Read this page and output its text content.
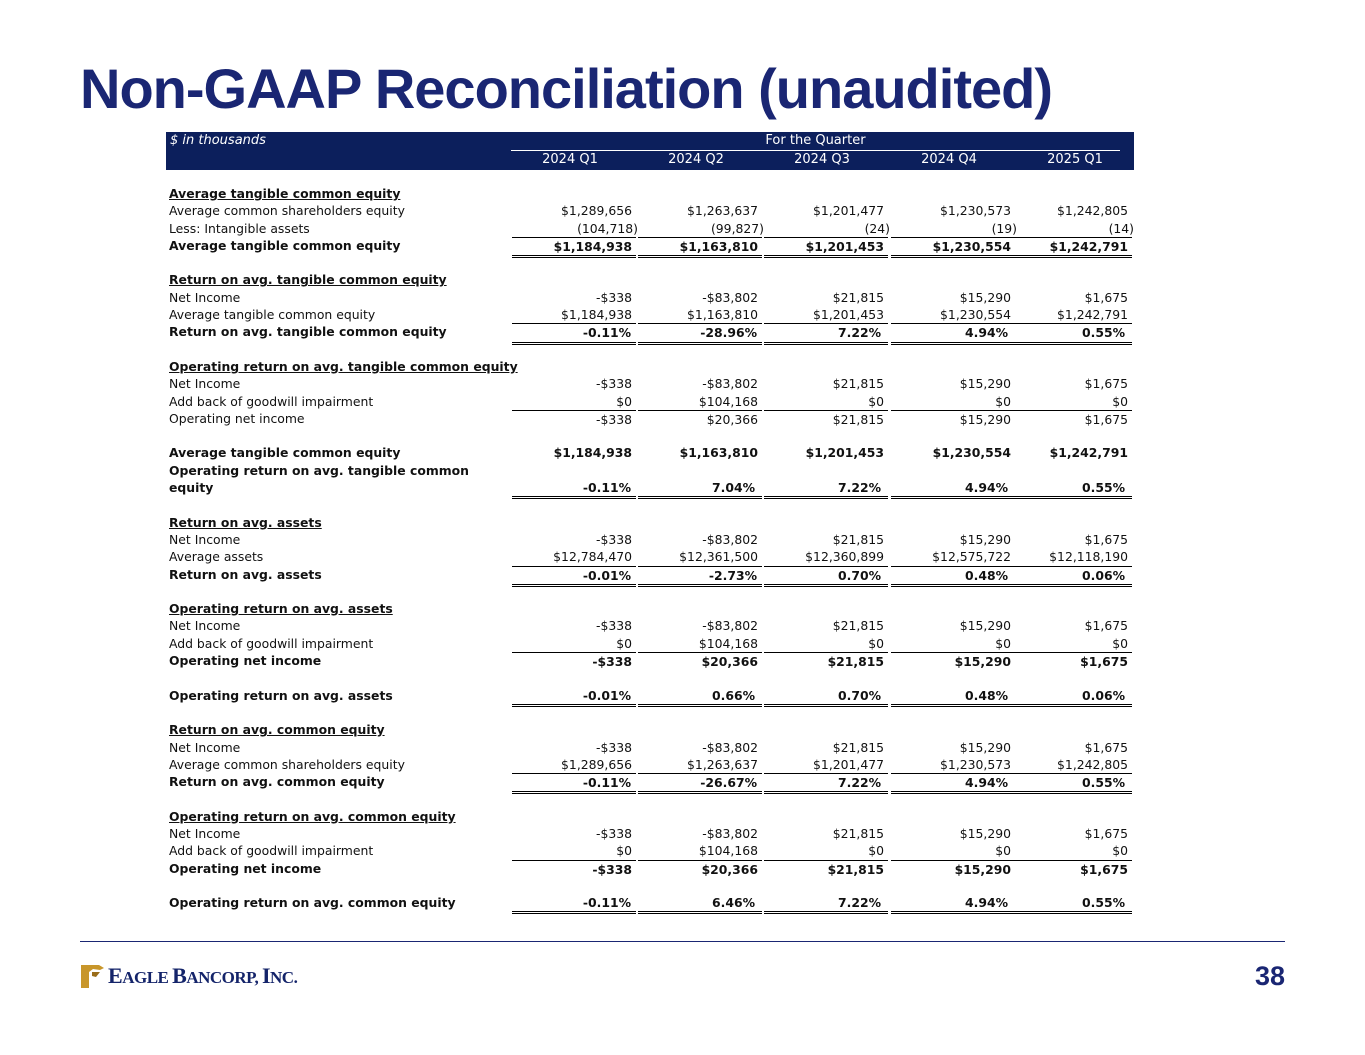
Non-GAAP Reconciliation (unaudited)
$ in thousands	For the Quarter
2024 Q1	2024 Q2	2024 Q3	2024 Q4	2025 Q1
Average tangible common equity
Average common shareholders equity	$1,289,656	$1,263,637	$1,201,477	$1,230,573	$1,242,805
Less: Intangible assets	(104,718)	(99,827)	(24)	(19)	(14)
Average tangible common equity	$1,184,938	$1,163,810	$1,201,453	$1,230,554	$1,242,791
Return on avg. tangible common equity
Net Income	-$338	-$83,802	$21,815	$15,290	$1,675
Average tangible common equity	$1,184,938	$1,163,810	$1,201,453	$1,230,554	$1,242,791
Return on avg. tangible common equity	-0.11%	-28.96%	7.22%	4.94%	0.55%
Operating return on avg. tangible common equity
Net Income	-$338	-$83,802	$21,815	$15,290	$1,675
Add back of goodwill impairment	$0	$104,168	$0	$0	$0
Operating net income	-$338	$20,366	$21,815	$15,290	$1,675
Average tangible common equity	$1,184,938	$1,163,810	$1,201,453	$1,230,554	$1,242,791
Operating return on avg. tangible common equity	-0.11%	7.04%	7.22%	4.94%	0.55%
Return on avg. assets
Net Income	-$338	-$83,802	$21,815	$15,290	$1,675
Average assets	$12,784,470	$12,361,500	$12,360,899	$12,575,722	$12,118,190
Return on avg. assets	-0.01%	-2.73%	0.70%	0.48%	0.06%
Operating return on avg. assets
Net Income	-$338	-$83,802	$21,815	$15,290	$1,675
Add back of goodwill impairment	$0	$104,168	$0	$0	$0
Operating net income	-$338	$20,366	$21,815	$15,290	$1,675
Operating return on avg. assets	-0.01%	0.66%	0.70%	0.48%	0.06%
Return on avg. common equity
Net Income	-$338	-$83,802	$21,815	$15,290	$1,675
Average common shareholders equity	$1,289,656	$1,263,637	$1,201,477	$1,230,573	$1,242,805
Return on avg. common equity	-0.11%	-26.67%	7.22%	4.94%	0.55%
Operating return on avg. common equity
Net Income	-$338	-$83,802	$21,815	$15,290	$1,675
Add back of goodwill impairment	$0	$104,168	$0	$0	$0
Operating net income	-$338	$20,366	$21,815	$15,290	$1,675
Operating return on avg. common equity	-0.11%	6.46%	7.22%	4.94%	0.55%
EAGLE BANCORP, INC.	38
